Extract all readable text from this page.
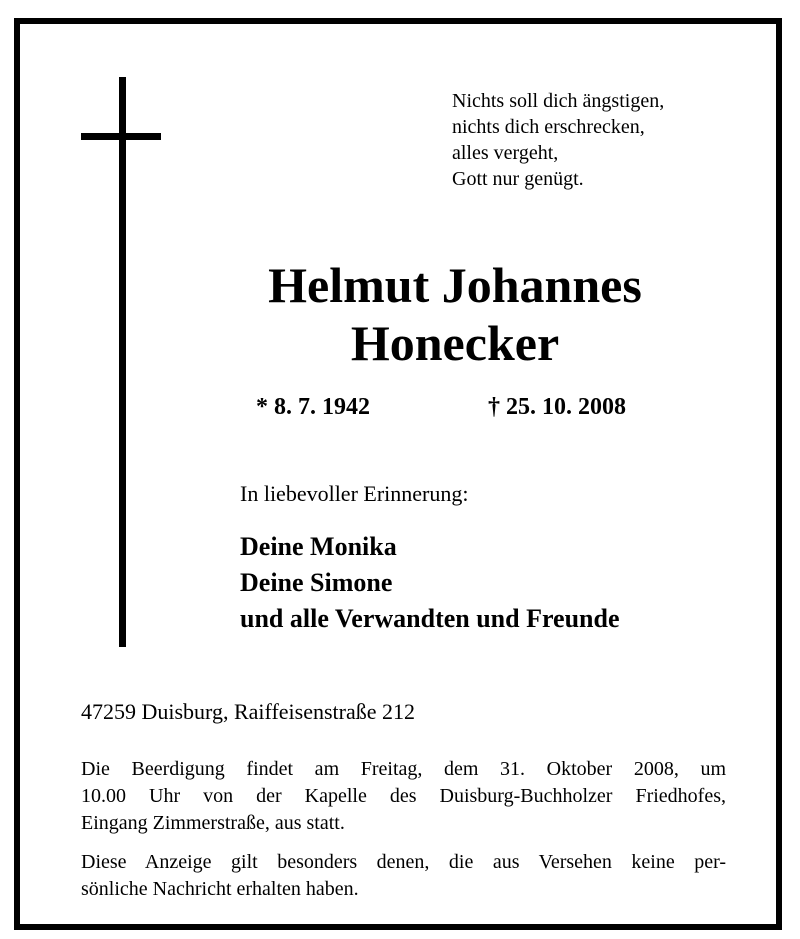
Nichts soll dich ängstigen,
nichts dich erschrecken,
alles vergeht,
Gott nur genügt.
Helmut Johannes
Honecker
* 8. 7. 1942	† 25. 10. 2008
In liebevoller Erinnerung:
Deine Monika
Deine Simone
und alle Verwandten und Freunde
47259 Duisburg, Raiffeisenstraße 212
Die Beerdigung findet am Freitag, dem 31. Oktober 2008, um
10.00 Uhr von der Kapelle des Duisburg-Buchholzer Friedhofes,
Eingang Zimmerstraße, aus statt.
Diese Anzeige gilt besonders denen, die aus Versehen keine per-
sönliche Nachricht erhalten haben.
